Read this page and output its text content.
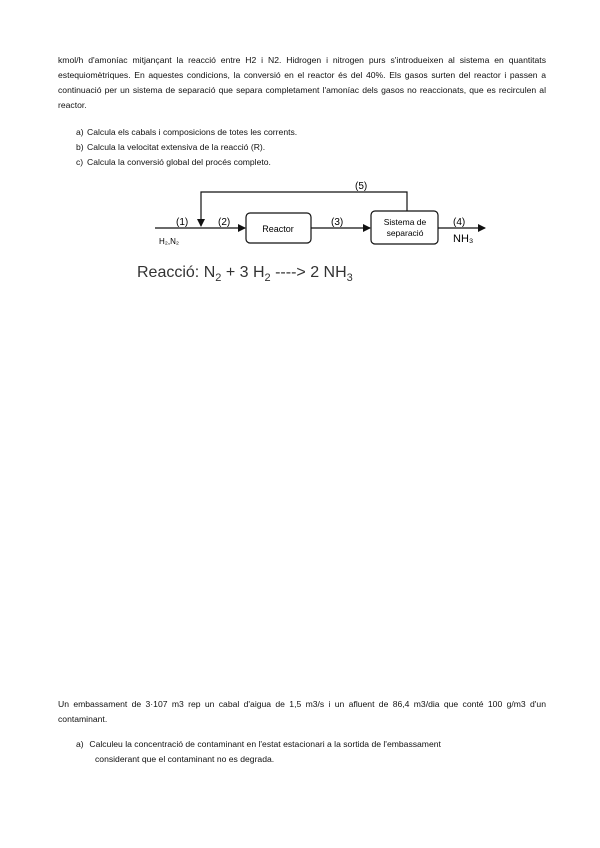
kmol/h d'amoníac mitjançant la reacció entre H2 i N2. Hidrogen i nitrogen purs s'introdueixen al sistema en quantitats estequiomètriques. En aquestes condicions, la conversió en el reactor és del 40%. Els gasos surten del reactor i passen a continuació per un sistema de separació que separa completament l'amoníac dels gasos no reaccionats, que es recirculen al reactor.
a) Calcula els cabals i composicions de totes les corrents.
b) Calcula la velocitat extensiva de la reacció (R).
c) Calcula la conversió global del procés completo.
(1)	(2)	(3)	(4)
(5)
H₂,N₂
Reactor
Sistema de
separació	NH₃
Reacció: $N_2 + 3$ $H_2$ ----> 2 $NH_3$
Un embassament de 3·107 m3 rep un cabal d'aigua de 1,5 m3/s i un afluent de 86,4 m3/dia que conté 100 g/m3 d'un contaminant.
a) Calculeu la concentració de contaminant en l'estat estacionari a la sortida de l'embassament
considerant que el contaminant no es degrada.
